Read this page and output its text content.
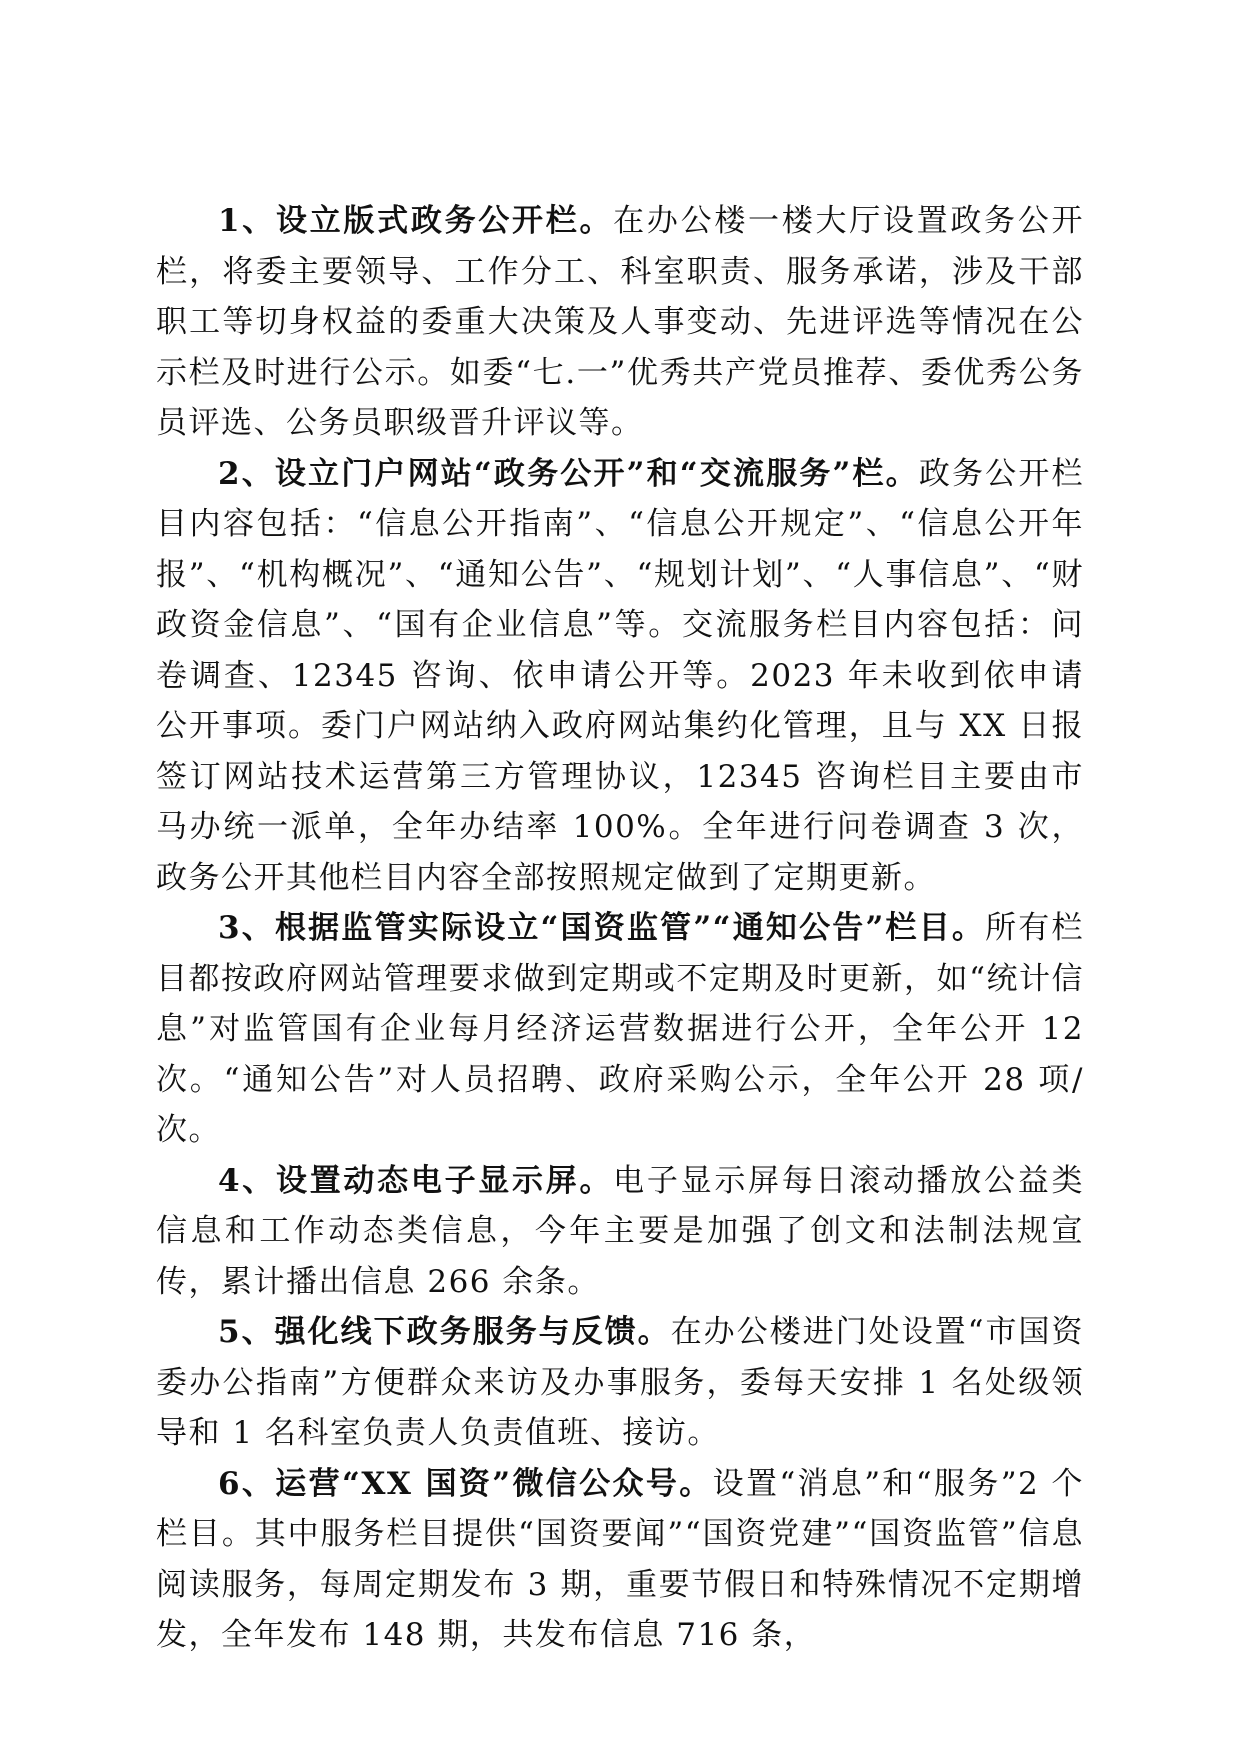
1、设立版式政务公开栏。在办公楼一楼大厅设置政务公开栏，将委主要领导、工作分工、科室职责、服务承诺，涉及干部职工等切身权益的委重大决策及人事变动、先进评选等情况在公示栏及时进行公示。如委“七.一”优秀共产党员推荐、委优秀公务员评选、公务员职级晋升评议等。

2、设立门户网站“政务公开”和“交流服务”栏。政务公开栏目内容包括：“信息公开指南”、“信息公开规定”、“信息公开年报”、“机构概况”、“通知公告”、“规划计划”、“人事信息”、“财政资金信息”、“国有企业信息”等。交流服务栏目内容包括：问卷调查、12345 咨询、依申请公开等。2023 年未收到依申请公开事项。委门户网站纳入政府网站集约化管理，且与 XX 日报签订网站技术运营第三方管理协议，12345 咨询栏目主要由市马办统一派单，全年办结率 100%。全年进行问卷调查 3 次，政务公开其他栏目内容全部按照规定做到了定期更新。

3、根据监管实际设立“国资监管”“通知公告”栏目。所有栏目都按政府网站管理要求做到定期或不定期及时更新，如“统计信息”对监管国有企业每月经济运营数据进行公开，全年公开 12 次。“通知公告”对人员招聘、政府采购公示，全年公开 28 项/次。

4、设置动态电子显示屏。电子显示屏每日滚动播放公益类信息和工作动态类信息，今年主要是加强了创文和法制法规宣传，累计播出信息 266 余条。

5、强化线下政务服务与反馈。在办公楼进门处设置“市国资委办公指南”方便群众来访及办事服务，委每天安排 1 名处级领导和 1 名科室负责人负责值班、接访。

6、运营“XX 国资”微信公众号。设置“消息”和“服务”2 个栏目。其中服务栏目提供“国资要闻”“国资党建”“国资监管”信息阅读服务，每周定期发布 3 期，重要节假日和特殊情况不定期增发，全年发布 148 期，共发布信息 716 条，
